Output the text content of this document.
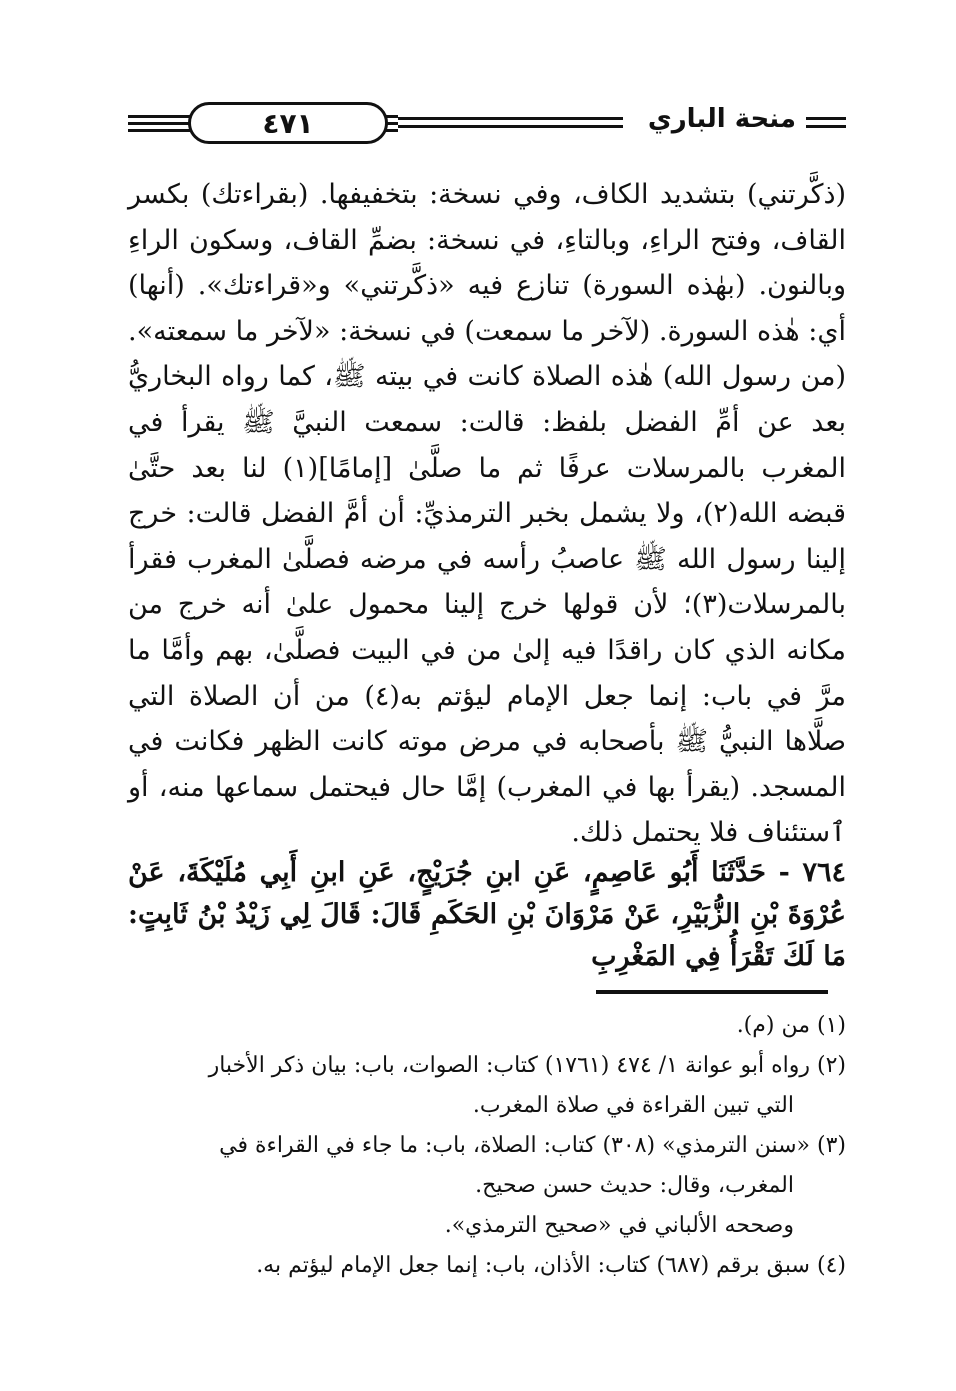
٤٧١	منحة الباري
(ذكَّرتني) بتشديد الكاف، وفي نسخة: بتخفيفها. (بقراءتك) بكسر القاف، وفتح الراءِ، وبالتاءِ، في نسخة: بضمِّ القاف، وسكون الراءِ وبالنون. (بهٰذه السورة) تنازع فيه «ذكَّرتني» و«قراءتك». (أنها) أي: هٰذه السورة. (لآخر ما سمعت) في نسخة: «لآخر ما سمعته». (من رسول الله) هٰذه الصلاة كانت في بيته ﷺ، كما رواه البخاريُّ بعد عن أمِّ الفضل بلفظ: قالت: سمعت النبيَّ ﷺ يقرأ في المغرب بالمرسلات عرفًا ثم ما صلَّىٰ [إمامًا](١) لنا بعد حتَّىٰ قبضه الله(٢)، ولا يشمل بخبر الترمذيِّ: أن أمَّ الفضل قالت: خرج إلينا رسول الله ﷺ عاصبُ رأسه في مرضه فصلَّىٰ المغرب فقرأ بالمرسلات(٣)؛ لأن قولها خرج إلينا محمول علىٰ أنه خرج من مكانه الذي كان راقدًا فيه إلىٰ من في البيت فصلَّىٰ، بهم وأمَّا ما مرَّ في باب: إنما جعل الإمام ليؤتم به(٤) من أن الصلاة التي صلَّاها النبيُّ ﷺ بأصحابه في مرض موته كانت الظهر فكانت في المسجد. (يقرأ بها في المغرب) إمَّا حال فيحتمل سماعها منه، أو ٱستئناف فلا يحتمل ذلك.
٧٦٤ - حَدَّثَنَا أَبُو عَاصِمٍ، عَنِ ابنِ جُرَيْجٍ، عَنِ ابنِ أَبِي مُلَيْكَةَ، عَنْ عُرْوَةَ بْنِ الزُّبَيْرِ، عَنْ مَرْوَانَ بْنِ الحَكَمِ قَالَ: قَالَ لِي زَيْدُ بْنُ ثَابِتٍ: مَا لَكَ تَقْرَأُ فِي المَغْرِبِ
(١) من (م).
(٢) رواه أبو عوانة ١/ ٤٧٤ (١٧٦١) كتاب: الصوات، باب: بيان ذكر الأخبار
التي تبين القراءة في صلاة المغرب.
(٣) «سنن الترمذي» (٣٠٨) كتاب: الصلاة، باب: ما جاء في القراءة في
المغرب، وقال: حديث حسن صحيح.
وصححه الألباني في «صحيح الترمذي».
(٤) سبق برقم (٦٨٧) كتاب: الأذان، باب: إنما جعل الإمام ليؤتم به.
